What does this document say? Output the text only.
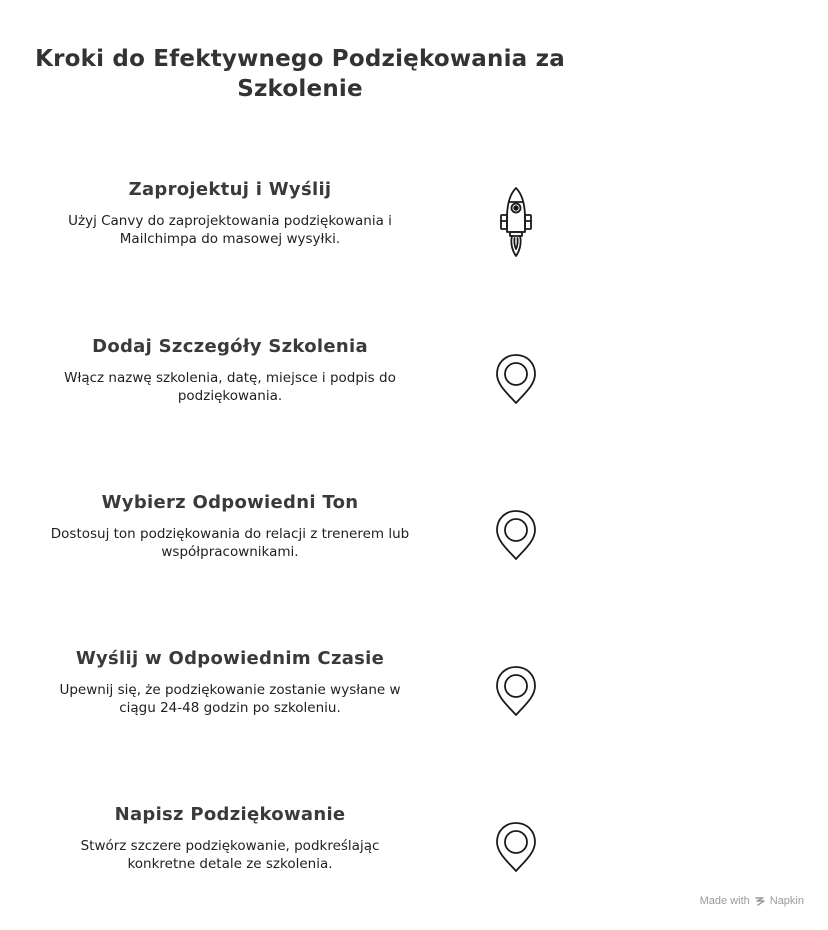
Kroki do Efektywnego Podziękowania za Szkolenie
Zaprojektuj i Wyślij
Użyj Canvy do zaprojektowania podziękowania i Mailchimpa do masowej wysyłki.
Dodaj Szczegóły Szkolenia
Włącz nazwę szkolenia, datę, miejsce i podpis do podziękowania.
Wybierz Odpowiedni Ton
Dostosuj ton podziękowania do relacji z trenerem lub współpracownikami.
Wyślij w Odpowiednim Czasie
Upewnij się, że podziękowanie zostanie wysłane w ciągu 24-48 godzin po szkoleniu.
Napisz Podziękowanie
Stwórz szczere podziękowanie, podkreślając konkretne detale ze szkolenia.
Made with Napkin
